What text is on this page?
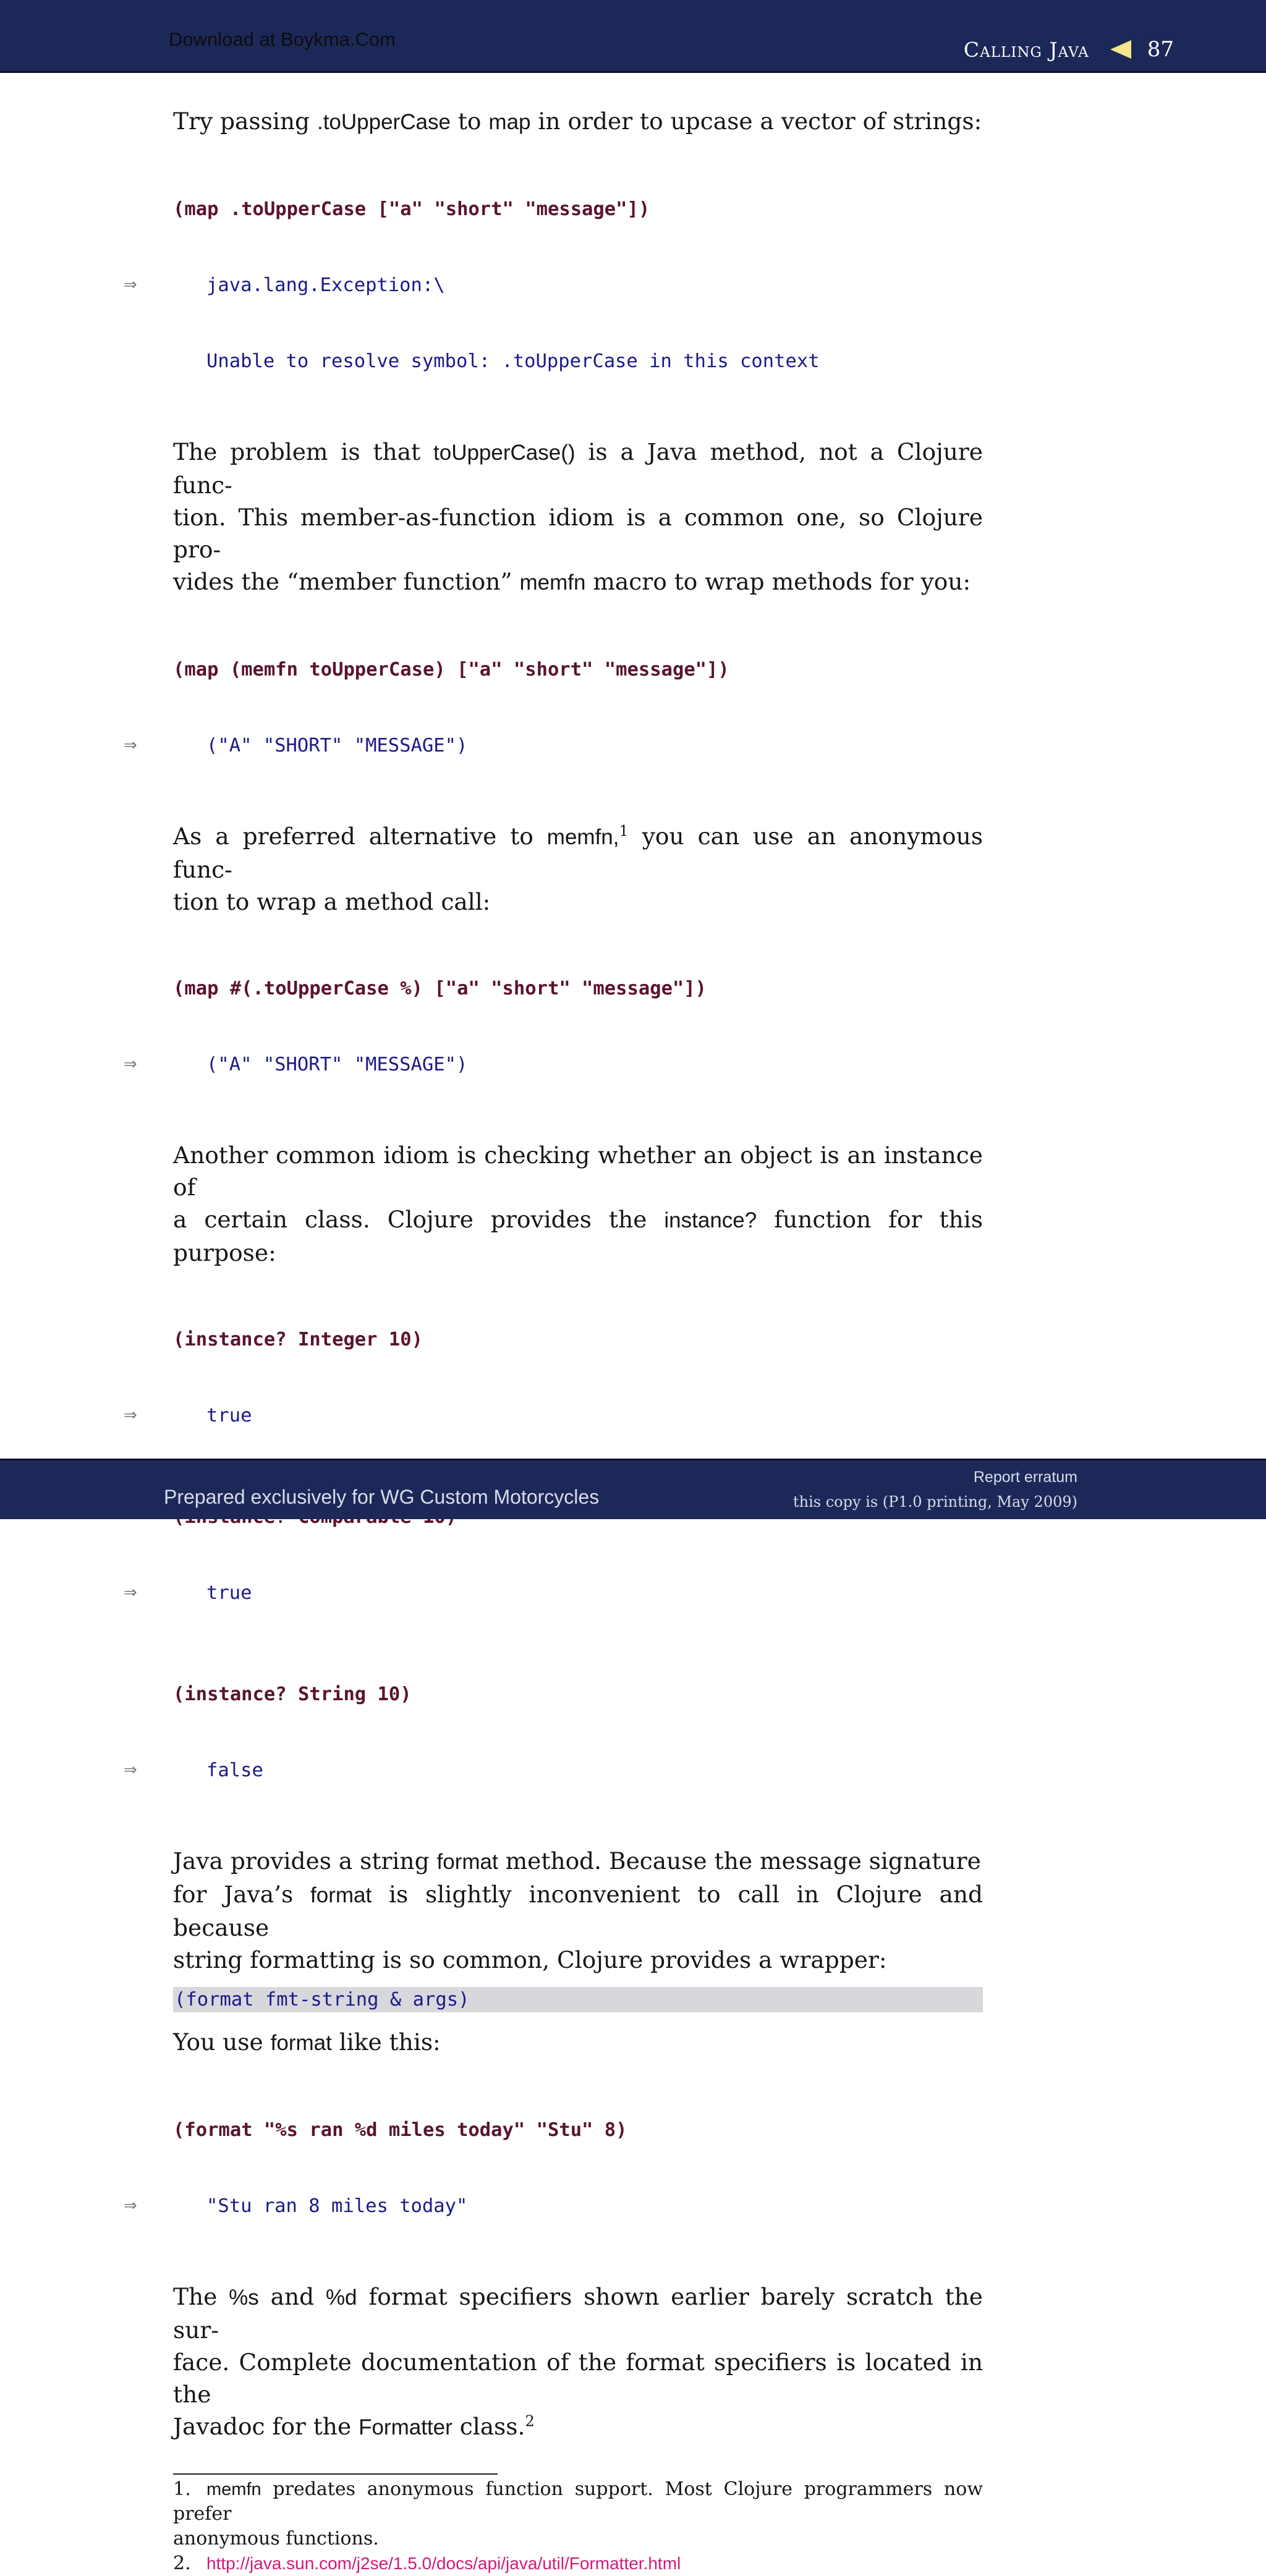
Download at Boykma.Com	Calling Java	87

Try passing .toUpperCase to map in order to upcase a vector of strings:

(map .toUpperCase ["a" "short" "message"])

⇒	java.lang.Exception:\

Unable to resolve symbol: .toUpperCase in this context

The problem is that toUpperCase() is a Java method, not a Clojure func-
tion. This member-as-function idiom is a common one, so Clojure pro-
vides the “member function” memfn macro to wrap methods for you:

(map (memfn toUpperCase) ["a" "short" "message"])

⇒	("A" "SHORT" "MESSAGE")

As a preferred alternative to memfn,$^1$ you can use an anonymous func-
tion to wrap a method call:

(map #(.toUpperCase %) ["a" "short" "message"])

⇒	("A" "SHORT" "MESSAGE")

Another common idiom is checking whether an object is an instance of
a certain class. Clojure provides the instance? function for this purpose:

(instance? Integer 10)

⇒	true

⇒	true

(instance? String 10)

⇒	false

Java provides a string format method. Because the message signature
for Java’s format is slightly inconvenient to call in Clojure and because
string formatting is so common, Clojure provides a wrapper:

(format fmt-string & args)

You use format like this:

(format "%s ran %d miles today" "Stu" 8)

⇒	"Stu ran 8 miles today"

The %s and %d format specifiers shown earlier barely scratch the sur-
face. Complete documentation of the format specifiers is located in the
Javadoc for the Formatter class.$^2$

1. memfn predates anonymous function support. Most Clojure programmers now prefer
anonymous functions.

2. http://java.sun.com/j2se/1.5.0/docs/api/java/util/Formatter.html

Prepared exclusively for WG Custom Motorcycles
Report erratum
this copy is (P1.0 printing, May 2009)
